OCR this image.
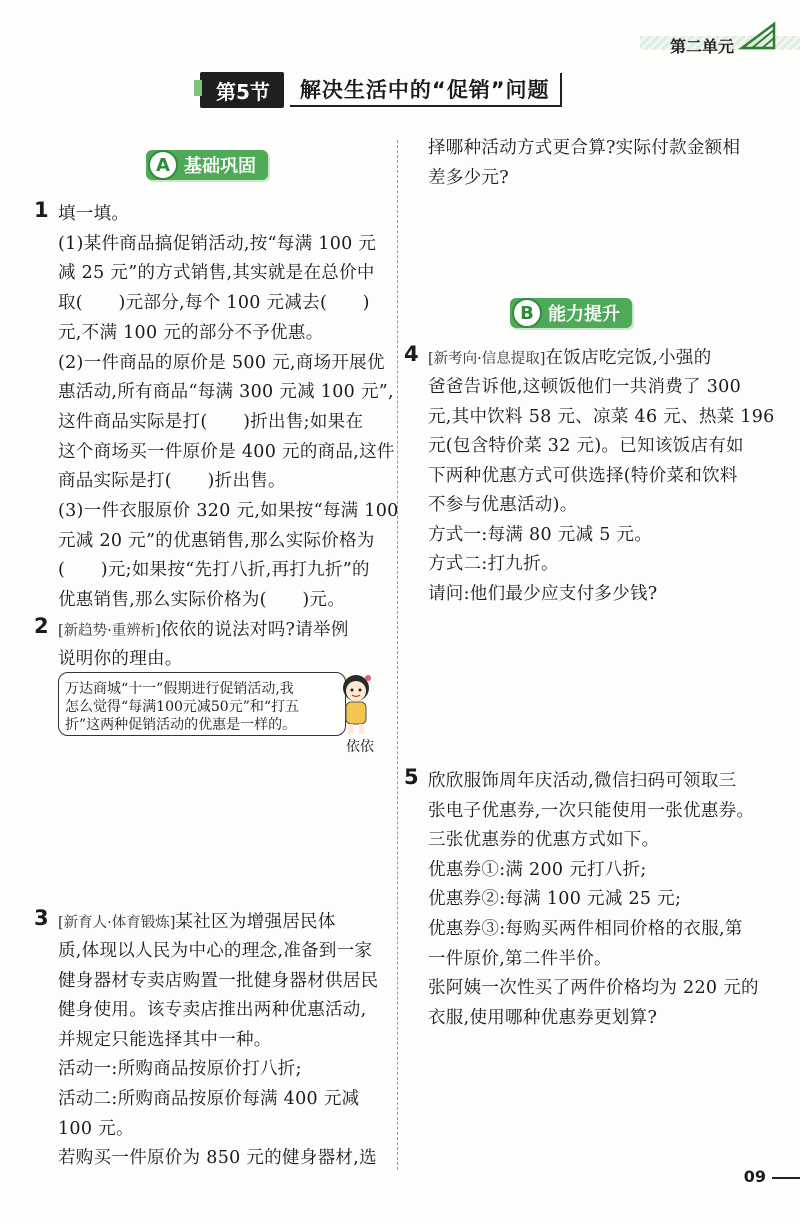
第二单元
第5节	解决生活中的“促销”问题
A 基础巩固
B 能力提升
1 填一填。
(1)某件商品搞促销活动,按“每满 100 元
减 25 元”的方式销售,其实就是在总价中
取(　　)元部分,每个 100 元减去(　　)
元,不满 100 元的部分不予优惠。
(2)一件商品的原价是 500 元,商场开展优
惠活动,所有商品“每满 300 元减 100 元”,
这件商品实际是打(　　)折出售;如果在
这个商场买一件原价是 400 元的商品,这件
商品实际是打(　　)折出售。
(3)一件衣服原价 320 元,如果按“每满 100
元减 20 元”的优惠销售,那么实际价格为
(　　)元;如果按“先打八折,再打九折”的
优惠销售,那么实际价格为(　　)元。
2 [新趋势·重辨析]依依的说法对吗?请举例
说明你的理由。
万达商城“十一”假期进行促销活动,我
怎么觉得“每满100元减50元”和“打五
折”这两种促销活动的优惠是一样的。
依依
3 [新育人·体育锻炼]某社区为增强居民体
质,体现以人民为中心的理念,准备到一家
健身器材专卖店购置一批健身器材供居民
健身使用。该专卖店推出两种优惠活动,
并规定只能选择其中一种。
活动一:所购商品按原价打八折;
活动二:所购商品按原价每满 400 元减
100 元。
若购买一件原价为 850 元的健身器材,选
择哪种活动方式更合算?实际付款金额相
差多少元?
4 [新考向·信息提取]在饭店吃完饭,小强的
爸爸告诉他,这顿饭他们一共消费了 300
元,其中饮料 58 元、凉菜 46 元、热菜 196
元(包含特价菜 32 元)。已知该饭店有如
下两种优惠方式可供选择(特价菜和饮料
不参与优惠活动)。
方式一:每满 80 元减 5 元。
方式二:打九折。
请问:他们最少应支付多少钱?
5 欣欣服饰周年庆活动,微信扫码可领取三
张电子优惠券,一次只能使用一张优惠券。
三张优惠券的优惠方式如下。
优惠券①:满 200 元打八折;
优惠券②:每满 100 元减 25 元;
优惠券③:每购买两件相同价格的衣服,第
一件原价,第二件半价。
张阿姨一次性买了两件价格均为 220 元的
衣服,使用哪种优惠券更划算?
09
